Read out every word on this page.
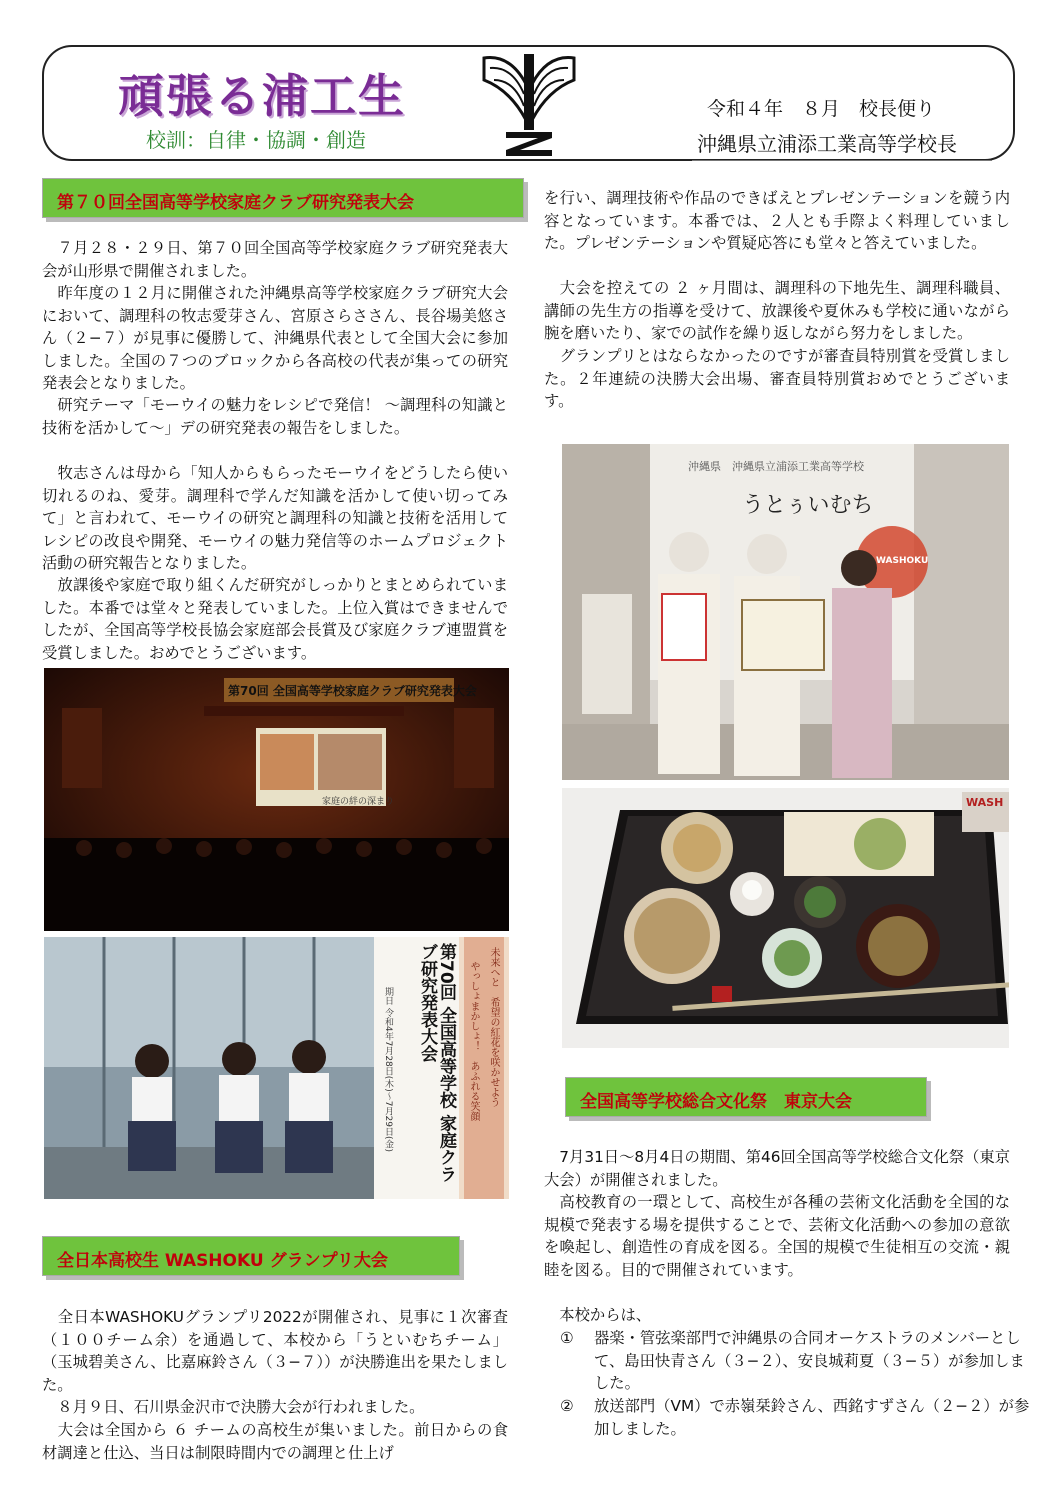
頑張る浦工生
校訓：自律・協調・創造
令和４年　８月　校長便り
沖縄県立浦添工業高等学校長
第７０回全国高等学校家庭クラブ研究発表大会

　７月２８・２９日、第７０回全国高等学校家庭クラブ研究発表大会が山形県で開催されました。

　昨年度の１２月に開催された沖縄県高等学校家庭クラブ研究大会において、調理科の牧志愛芽さん、宮原さらささん、長谷場美悠さん（２−７）が見事に優勝して、沖縄県代表として全国大会に参加しました。全国の７つのブロックから各高校の代表が集っての研究発表会となりました。

　研究テーマ「モーウイの魅力をレシピで発信！ 〜調理科の知識と技術を活かして〜」デの研究発表の報告をしました。

　牧志さんは母から「知人からもらったモーウイをどうしたら使い切れるのね、愛芽。調理科で学んだ知識を活かして使い切ってみて」と言われて、モーウイの研究と調理科の知識と技術を活用してレシピの改良や開発、モーウイの魅力発信等のホームプロジェクト活動の研究報告となりました。

　放課後や家庭で取り組くんだ研究がしっかりとまとめられていました。本番では堂々と発表していました。上位入賞はできませんでしたが、全国高等学校長協会家庭部会長賞及び家庭クラブ連盟賞を受賞しました。おめでとうございます。

第70回 全国高等学校家庭クラブ研究発表大会
家庭の絆の深まり
第70回 全国高等学校 家庭クラブ研究発表大会
期日 令和4年7月28日(木)〜7月29日(金)	未来へと　希望の紅花を咲かせよう
やっしょまかしょ！　あふれる笑顔
全日本高校生 WASHOKU グランプリ大会

　全日本WASHOKUグランプリ2022が開催され、見事に１次審査（１００チーム余）を通過して、本校から「うといむちチーム」（玉城碧美さん、比嘉麻鈴さん（３−７））が決勝進出を果たしました。

　８月９日、石川県金沢市で決勝大会が行われました。

　大会は全国から ６ チームの高校生が集いました。前日からの食材調達と仕込、当日は制限時間内での調理と仕上げ

を行い、調理技術や作品のできばえとプレゼンテーションを競う内容となっています。本番では、２人とも手際よく料理していました。プレゼンテーションや質疑応答にも堂々と答えていました。

　大会を控えての ２ ヶ月間は、調理科の下地先生、調理科職員、講師の先生方の指導を受けて、放課後や夏休みも学校に通いながら腕を磨いたり、家での試作を繰り返しながら努力をしました。

　グランプリとはならなかったのですが審査員特別賞を受賞しました。２年連続の決勝大会出場、審査員特別賞おめでとうございます。

沖縄県　沖縄県立浦添工業高等学校
うとぅいむち
WASHOKU
WASH
全国高等学校総合文化祭　東京大会

　7月31日〜8月4日の期間、第46回全国高等学校総合文化祭（東京大会）が開催されました。

　高校教育の一環として、高校生が各種の芸術文化活動を全国的な規模で発表する場を提供することで、芸術文化活動への参加の意欲を喚起し、創造性の育成を図る。全国的規模で生徒相互の交流・親睦を図る。目的で開催されています。

　本校からは、

① 器楽・管弦楽部門で沖縄県の合同オーケストラのメンバーとして、島田快青さん（３−２）、安良城莉夏（３−５）が参加しました。
② 放送部門（VM）で赤嶺栞鈴さん、西銘すずさん（２−２）が参加しました。
